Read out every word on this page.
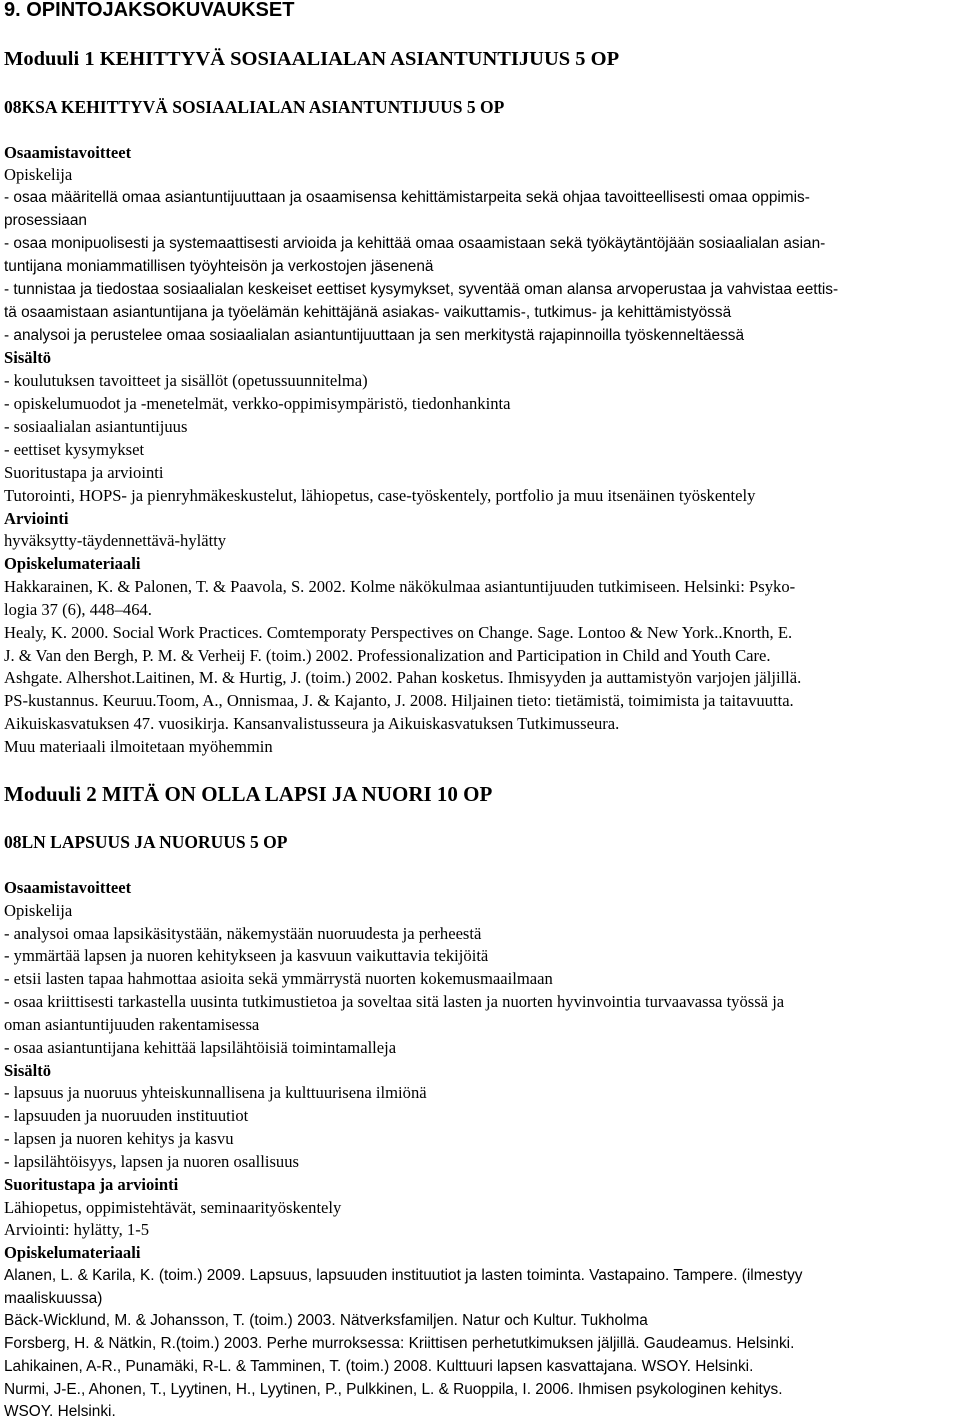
9. OPINTOJAKSOKUVAUKSET

Moduuli 1 KEHITTYVÄ SOSIAALIALAN ASIANTUNTIJUUS 5 OP

08KSA KEHITTYVÄ SOSIAALIALAN ASIANTUNTIJUUS 5 OP

Osaamistavoitteet

Opiskelija

- osaa määritellä omaa asiantuntijuuttaan ja osaamisensa kehittämistarpeita sekä ohjaa tavoitteellisesti omaa oppimis-

prosessiaan

- osaa monipuolisesti ja systemaattisesti arvioida ja kehittää omaa osaamistaan sekä työkäytäntöjään sosiaalialan asian-

tuntijana moniammatillisen työyhteisön ja verkostojen jäsenenä

- tunnistaa ja tiedostaa sosiaalialan keskeiset eettiset kysymykset, syventää oman alansa arvoperustaa ja vahvistaa eettis-

tä osaamistaan asiantuntijana ja työelämän kehittäjänä asiakas- vaikuttamis-, tutkimus- ja kehittämistyössä

- analysoi ja perustelee omaa sosiaalialan asiantuntijuuttaan ja sen merkitystä rajapinnoilla työskenneltäessä

Sisältö

- koulutuksen tavoitteet ja sisällöt (opetussuunnitelma)

- opiskelumuodot ja -menetelmät, verkko-oppimisympäristö, tiedonhankinta

- sosiaalialan asiantuntijuus

- eettiset kysymykset

Suoritustapa ja arviointi

Tutorointi, HOPS- ja pienryhmäkeskustelut, lähiopetus, case-työskentely, portfolio ja muu itsenäinen työskentely

Arviointi

hyväksytty-täydennettävä-hylätty

Opiskelumateriaali

Hakkarainen, K. & Palonen, T. & Paavola, S. 2002. Kolme näkökulmaa asiantuntijuuden tutkimiseen. Helsinki: Psyko-

logia 37 (6), 448–464.

Healy, K. 2000. Social Work Practices. Comtemporaty Perspectives on Change. Sage. Lontoo & New York..Knorth, E.

J. & Van den Bergh, P. M. & Verheij F. (toim.) 2002. Professionalization and Participation in Child and Youth Care.

Ashgate. Alhershot.Laitinen, M. & Hurtig, J. (toim.) 2002. Pahan kosketus. Ihmisyyden ja auttamistyön varjojen jäljillä.

PS-kustannus. Keuruu.Toom, A., Onnismaa, J. & Kajanto, J. 2008. Hiljainen tieto: tietämistä, toimimista ja taitavuutta.

Aikuiskasvatuksen 47. vuosikirja. Kansanvalistusseura ja Aikuiskasvatuksen Tutkimusseura.

Muu materiaali ilmoitetaan myöhemmin

Moduuli 2 MITÄ ON OLLA LAPSI JA NUORI 10 OP

08LN LAPSUUS JA NUORUUS 5 OP

Osaamistavoitteet

Opiskelija

- analysoi omaa lapsikäsitystään, näkemystään nuoruudesta ja perheestä

- ymmärtää lapsen ja nuoren kehitykseen ja kasvuun vaikuttavia tekijöitä

- etsii lasten tapaa hahmottaa asioita sekä ymmärrystä nuorten kokemusmaailmaan

- osaa kriittisesti tarkastella uusinta tutkimustietoa ja soveltaa sitä lasten ja nuorten hyvinvointia turvaavassa työssä ja

oman asiantuntijuuden rakentamisessa

- osaa asiantuntijana kehittää lapsilähtöisiä toimintamalleja

Sisältö

- lapsuus ja nuoruus yhteiskunnallisena ja kulttuurisena ilmiönä

- lapsuuden ja nuoruuden instituutiot

- lapsen ja nuoren kehitys ja kasvu

- lapsilähtöisyys, lapsen ja nuoren osallisuus

Suoritustapa ja arviointi

Lähiopetus, oppimistehtävät, seminaarityöskentely

Arviointi: hylätty, 1-5

Opiskelumateriaali

Alanen, L. & Karila, K. (toim.) 2009. Lapsuus, lapsuuden instituutiot ja lasten toiminta. Vastapaino. Tampere. (ilmestyy

maaliskuussa)

Bäck-Wicklund, M. & Johansson, T. (toim.) 2003. Nätverksfamiljen. Natur och Kultur. Tukholma

Forsberg, H. & Nätkin, R.(toim.) 2003. Perhe murroksessa: Kriittisen perhetutkimuksen jäljillä. Gaudeamus. Helsinki.

Lahikainen, A-R., Punamäki, R-L. & Tamminen, T. (toim.) 2008. Kulttuuri lapsen kasvattajana. WSOY. Helsinki.

Nurmi, J-E., Ahonen, T., Lyytinen, H., Lyytinen, P., Pulkkinen, L. & Ruoppila, I. 2006. Ihmisen psykologinen kehitys.

WSOY. Helsinki.
